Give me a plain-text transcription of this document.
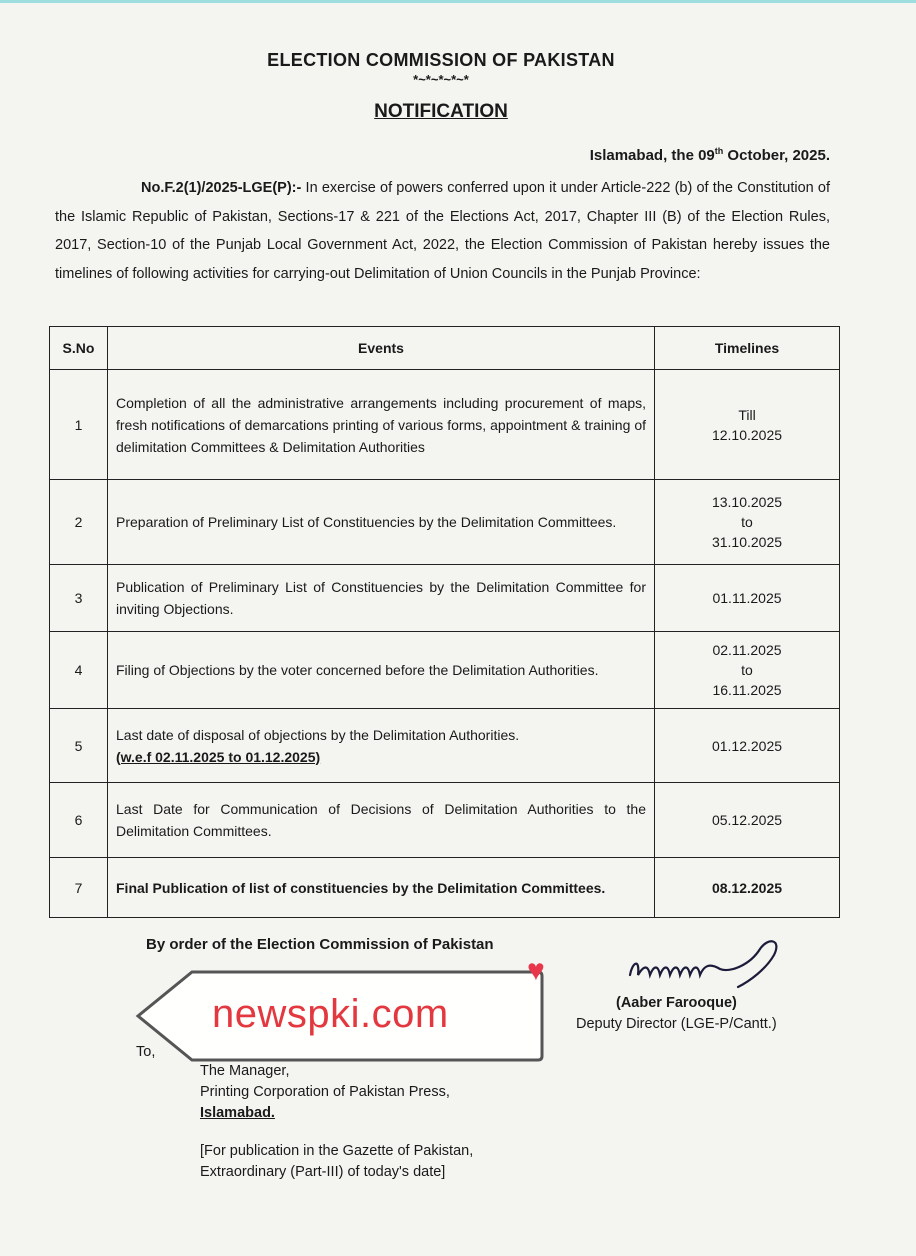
ELECTION COMMISSION OF PAKISTAN
*~*~*~*~*
NOTIFICATION
Islamabad, the 09th October, 2025.
No.F.2(1)/2025-LGE(P):- In exercise of powers conferred upon it under Article-222 (b) of the Constitution of the Islamic Republic of Pakistan, Sections-17 & 221 of the Elections Act, 2017, Chapter III (B) of the Election Rules, 2017, Section-10 of the Punjab Local Government Act, 2022, the Election Commission of Pakistan hereby issues the timelines of following activities for carrying-out Delimitation of Union Councils in the Punjab Province:
S.No	Events	Timelines
1	Completion of all the administrative arrangements including procurement of maps, fresh notifications of demarcations printing of various forms, appointment & training of delimitation Committees & Delimitation Authorities	Till
12.10.2025

2	Preparation of Preliminary List of Constituencies by the Delimitation Committees.	13.10.2025
to
31.10.2025

3	Publication of Preliminary List of Constituencies by the Delimitation Committee for inviting Objections.	01.11.2025

4	Filing of Objections by the voter concerned before the Delimitation Authorities.	02.11.2025
to
16.11.2025

5	Last date of disposal of objections by the Delimitation Authorities.
(w.e.f 02.11.2025 to 01.12.2025)	01.12.2025

6	Last Date for Communication of Decisions of Delimitation Authorities to the Delimitation Committees.	05.12.2025

7	Final Publication of list of constituencies by the Delimitation Committees.	08.12.2025
By order of the Election Commission of Pakistan
(Aaber Farooque)
Deputy Director (LGE-P/Cantt.)
newspki.com
♥
To,
The Manager,
Printing Corporation of Pakistan Press,
Islamabad.
[For publication in the Gazette of Pakistan,
Extraordinary (Part-III) of today's date]
